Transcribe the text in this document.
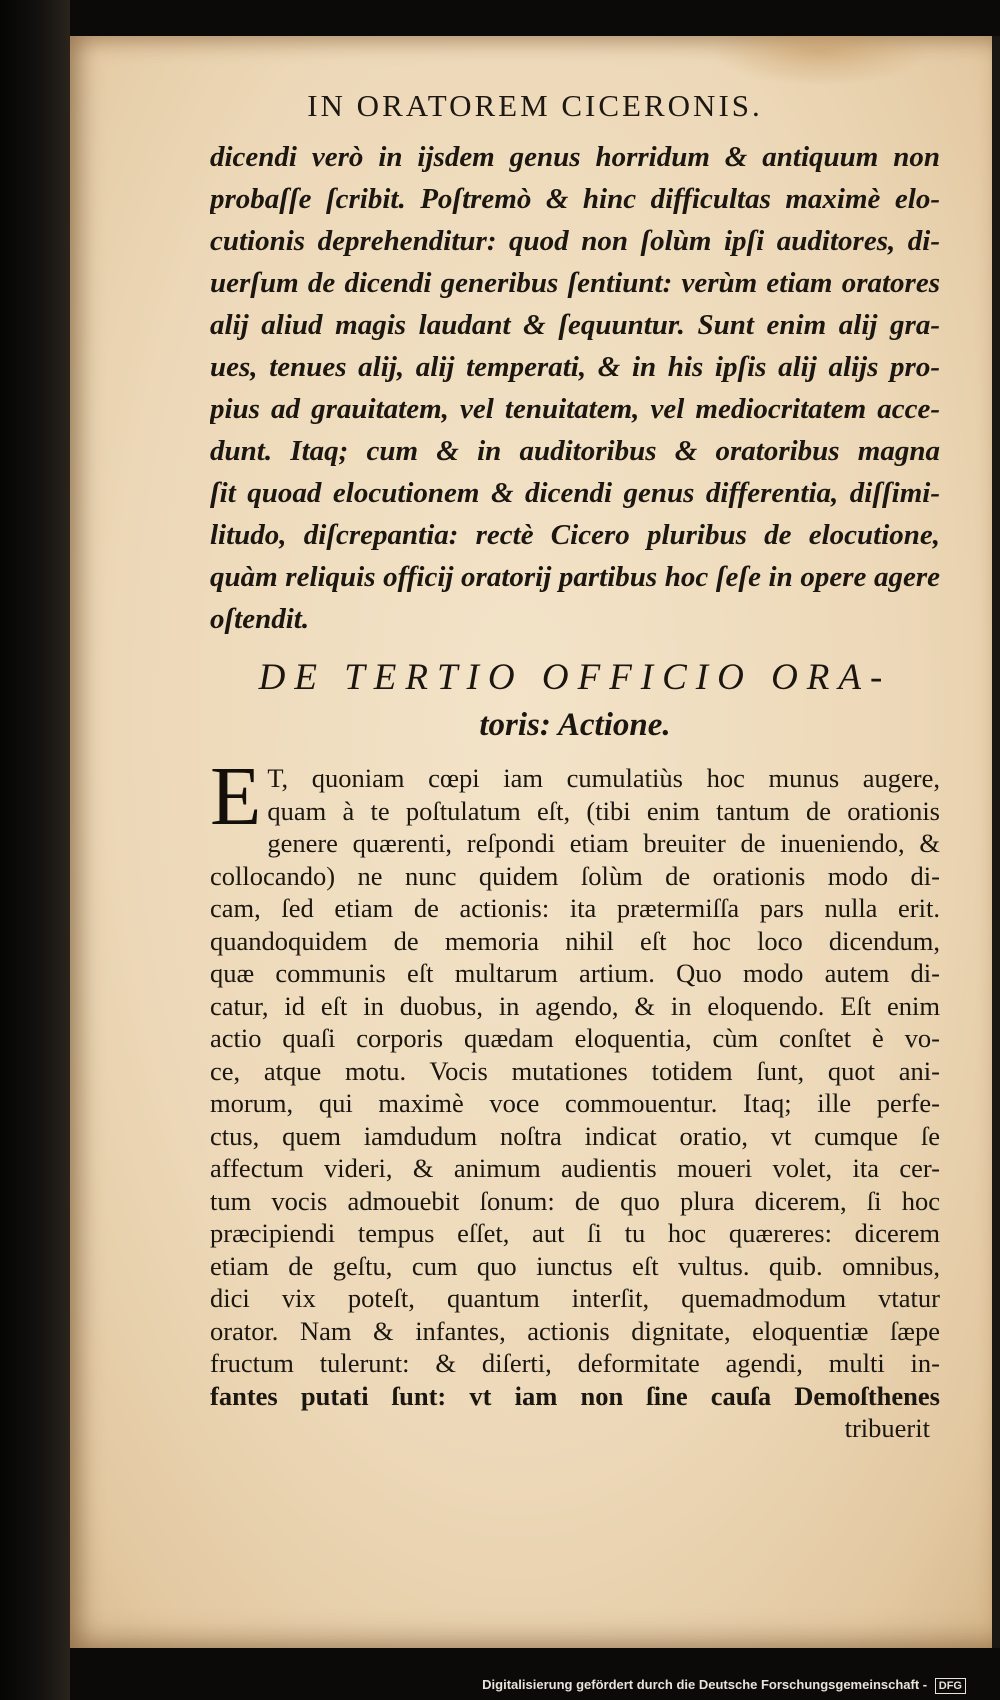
IN ORATOREM CICERONIS.
dicendi verò in ijsdem genus horridum & antiquum non
probaſſe ſcribit. Poſtremò & hinc difficultas maximè elo-
cutionis deprehenditur: quod non ſolùm ipſi auditores, di-
uerſum de dicendi generibus ſentiunt: verùm etiam oratores
alij aliud magis laudant & ſequuntur. Sunt enim alij gra-
ues, tenues alij, alij temperati, & in his ipſis alij alijs pro-
pius ad grauitatem, vel tenuitatem, vel mediocritatem acce-
dunt. Itaq; cum & in auditoribus & oratoribus magna
ſit quoad elocutionem & dicendi genus differentia, diſſimi-
litudo, diſcrepantia: rectè Cicero pluribus de elocutione,
quàm reliquis officij oratorij partibus hoc ſeſe in opere agere
oſtendit.
DE TERTIO OFFICIO ORA-
toris: Actione.
E T, quoniam cœpi iam cumulatiùs hoc munus augere,
quam à te poſtulatum eſt, (tibi enim tantum de orationis
genere quærenti, reſpondi etiam breuiter de inueniendo, &
collocando) ne nunc quidem ſolùm de orationis modo di-
cam, ſed etiam de actionis: ita prætermiſſa pars nulla erit.
quandoquidem de memoria nihil eſt hoc loco dicendum,
quæ communis eſt multarum artium. Quo modo autem di-
catur, id eſt in duobus, in agendo, & in eloquendo. Eſt enim
actio quaſi corporis quædam eloquentia, cùm conſtet è vo-
ce, atque motu. Vocis mutationes totidem ſunt, quot ani-
morum, qui maximè voce commouentur. Itaq; ille perfe-
ctus, quem iamdudum noſtra indicat oratio, vt cumque ſe
affectum videri, & animum audientis moueri volet, ita cer-
tum vocis admouebit ſonum: de quo plura dicerem, ſi hoc
præcipiendi tempus eſſet, aut ſi tu hoc quæreres: dicerem
etiam de geſtu, cum quo iunctus eſt vultus. quib. omnibus,
dici vix poteſt, quantum interſit, quemadmodum vtatur
orator. Nam & infantes, actionis dignitate, eloquentiæ ſæpe
fructum tulerunt: & diſerti, deformitate agendi, multi in-
fantes putati ſunt: vt iam non ſine cauſa Demoſthenes
tribuerit
Digitalisierung gefördert durch die Deutsche Forschungsgemeinschaft - DFG
